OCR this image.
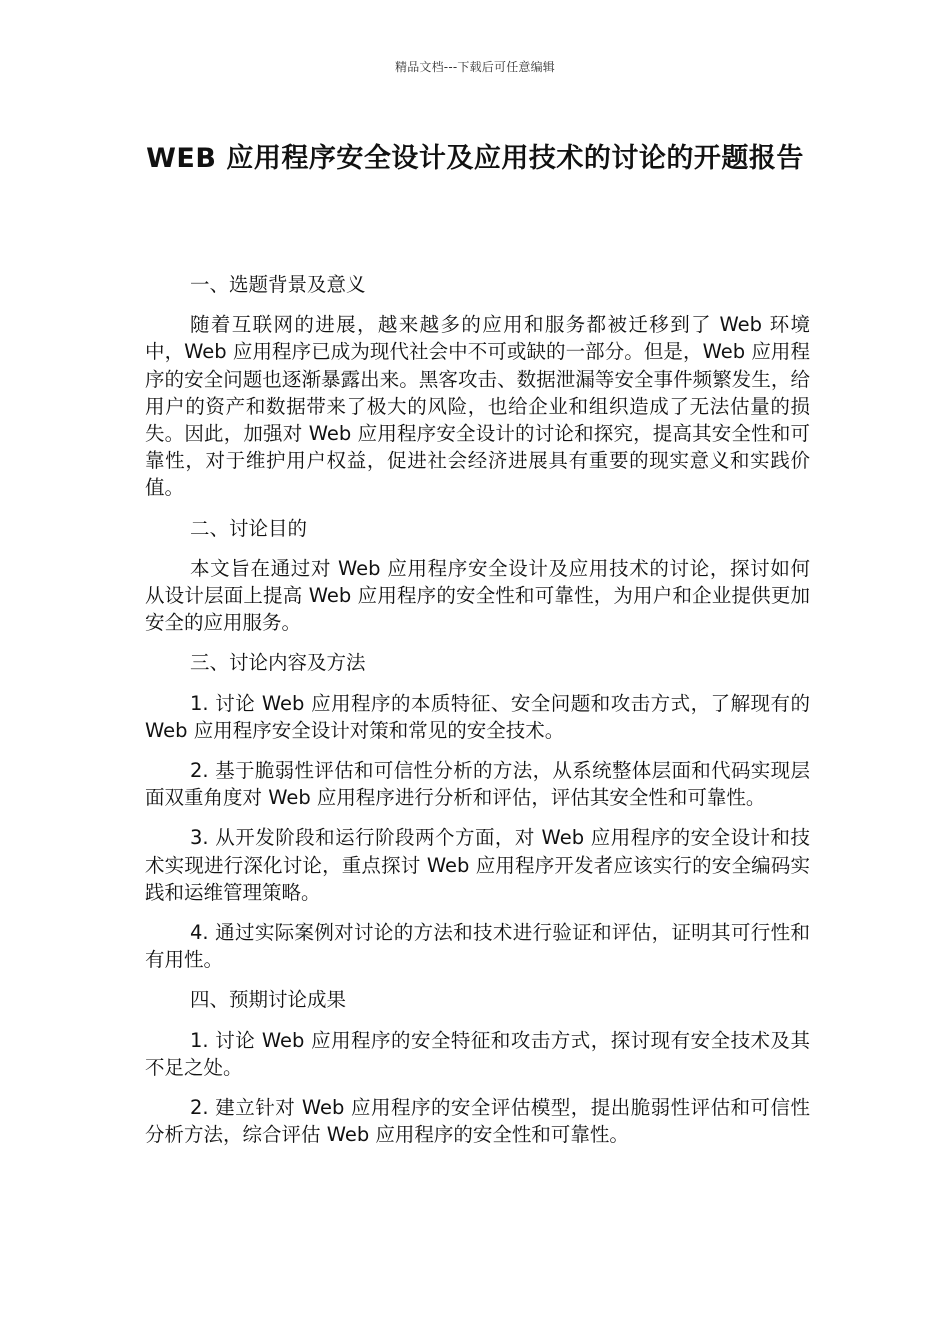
精品文档---下载后可任意编辑
WEB 应用程序安全设计及应用技术的讨论的开题报告

一、选题背景及意义

随着互联网的进展，越来越多的应用和服务都被迁移到了 Web 环境中，Web 应用程序已成为现代社会中不可或缺的一部分。但是，Web 应用程序的安全问题也逐渐暴露出来。黑客攻击、数据泄漏等安全事件频繁发生，给用户的资产和数据带来了极大的风险，也给企业和组织造成了无法估量的损失。因此，加强对 Web 应用程序安全设计的讨论和探究，提高其安全性和可靠性，对于维护用户权益，促进社会经济进展具有重要的现实意义和实践价值。

二、讨论目的

本文旨在通过对 Web 应用程序安全设计及应用技术的讨论，探讨如何从设计层面上提高 Web 应用程序的安全性和可靠性，为用户和企业提供更加安全的应用服务。

三、讨论内容及方法

1. 讨论 Web 应用程序的本质特征、安全问题和攻击方式，了解现有的 Web 应用程序安全设计对策和常见的安全技术。

2. 基于脆弱性评估和可信性分析的方法，从系统整体层面和代码实现层面双重角度对 Web 应用程序进行分析和评估，评估其安全性和可靠性。

3. 从开发阶段和运行阶段两个方面，对 Web 应用程序的安全设计和技术实现进行深化讨论，重点探讨 Web 应用程序开发者应该实行的安全编码实践和运维管理策略。

4. 通过实际案例对讨论的方法和技术进行验证和评估，证明其可行性和有用性。

四、预期讨论成果

1. 讨论 Web 应用程序的安全特征和攻击方式，探讨现有安全技术及其不足之处。

2. 建立针对 Web 应用程序的安全评估模型，提出脆弱性评估和可信性分析方法，综合评估 Web 应用程序的安全性和可靠性。
